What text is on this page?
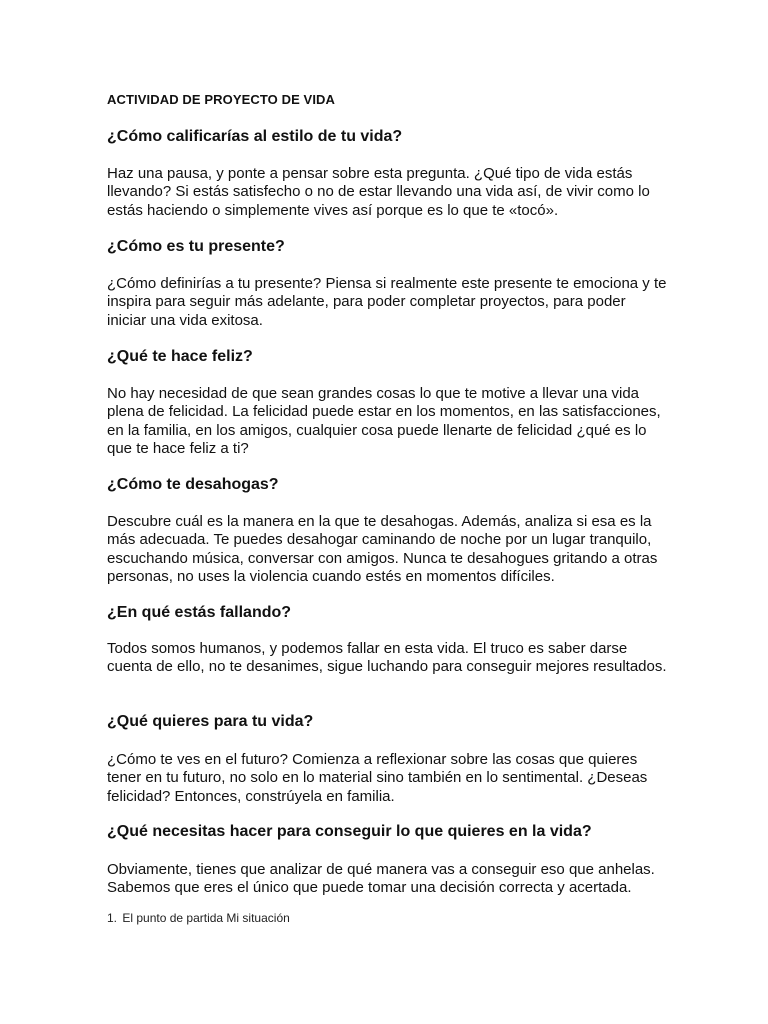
ACTIVIDAD DE PROYECTO DE VIDA
¿Cómo calificarías al estilo de tu vida?
Haz una pausa, y ponte a pensar sobre esta pregunta. ¿Qué tipo de vida estás llevando? Si estás satisfecho o no de estar llevando una vida así, de vivir como lo estás haciendo o simplemente vives así porque es lo que te «tocó».
¿Cómo es tu presente?
¿Cómo definirías a tu presente? Piensa si realmente este presente te emociona y te inspira para seguir más adelante, para poder completar proyectos, para poder iniciar una vida exitosa.
¿Qué te hace feliz?
No hay necesidad de que sean grandes cosas lo que te motive a llevar una vida plena de felicidad. La felicidad puede estar en los momentos, en las satisfacciones, en la familia, en los amigos, cualquier cosa puede llenarte de felicidad ¿qué es lo que te hace feliz a ti?
¿Cómo te desahogas?
Descubre cuál es la manera en la que te desahogas. Además, analiza si esa es la más adecuada. Te puedes desahogar caminando de noche por un lugar tranquilo, escuchando música, conversar con amigos. Nunca te desahogues gritando a otras personas, no uses la violencia cuando estés en momentos difíciles.
¿En qué estás fallando?
Todos somos humanos, y podemos fallar en esta vida. El truco es saber darse cuenta de ello, no te desanimes, sigue luchando para conseguir mejores resultados.
¿Qué quieres para tu vida?
¿Cómo te ves en el futuro? Comienza a reflexionar sobre las cosas que quieres tener en tu futuro, no solo en lo material sino también en lo sentimental. ¿Deseas felicidad? Entonces, constrúyela en familia.
¿Qué necesitas hacer para conseguir lo que quieres en la vida?
Obviamente, tienes que analizar de qué manera vas a conseguir eso que anhelas. Sabemos que eres el único que puede tomar una decisión correcta y acertada.
1. El punto de partida Mi situación
